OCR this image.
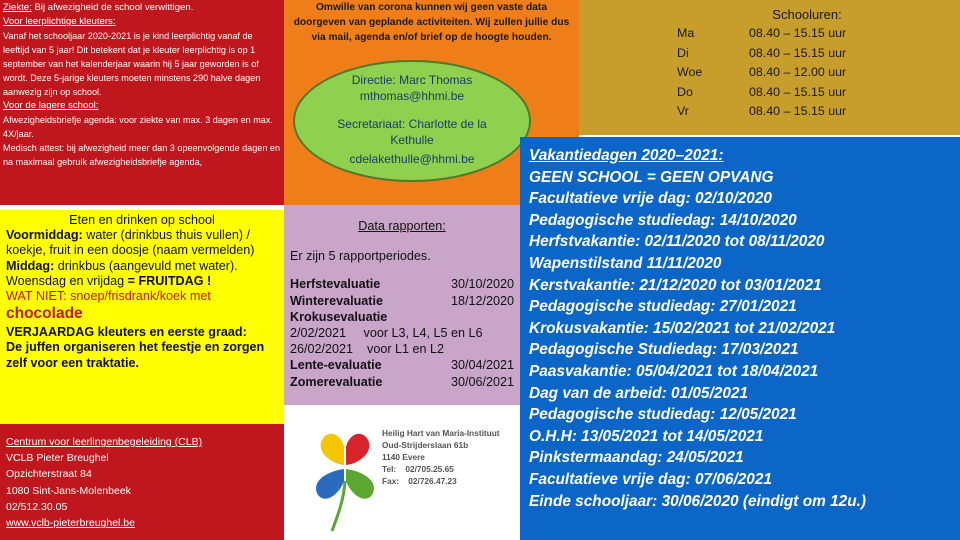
Ziekte: Bij afwezigheid de school verwittigen.

Voor leerplichtige kleuters:

Vanaf het schooljaar 2020-2021 is je kind leerplichtig vanaf de leeftijd van 5 jaar! Dit betekent dat je kleuter leerplichtig is op 1 september van het kalenderjaar waarin hij 5 jaar geworden is of wordt. Deze 5-jarige kleuters moeten minstens 290 halve dagen aanwezig zijn op school.

Voor de lagere school:

Afwezigheidsbriefje agenda: voor ziekte van max. 3 dagen en max. 4X/jaar.

Medisch attest: bij afwezigheid meer dan 3 opeenvolgende dagen en na maximaal gebruik afwezigheidsbriefje agenda,

Omwille van corona kunnen wij geen vaste data doorgeven van geplande activiteiten. Wij zullen jullie dus via mail, agenda en/of brief op de hoogte houden.
Directie: Marc Thomas
mthomas@hhmi.be
Secretariaat: Charlotte de la
Kethulle
cdelakethulle@hhmi.be
Schooluren:
Ma	08.40 – 15.15 uur
Di	08.40 – 15.15 uur
Woe	08.40 – 12.00 uur
Do	08.40 – 15.15 uur
Vr	08.40 – 15.15 uur
Vakantiedagen 2020–2021:
GEEN SCHOOL = GEEN OPVANG
Facultatieve vrije dag: 02/10/2020
Pedagogische studiedag: 14/10/2020
Herfstvakantie: 02/11/2020 tot 08/11/2020
Wapenstilstand 11/11/2020
Kerstvakantie: 21/12/2020 tot 03/01/2021
Pedagogische studiedag: 27/01/2021
Krokusvakantie: 15/02/2021 tot 21/02/2021
Pedagogische Studiedag: 17/03/2021
Paasvakantie: 05/04/2021 tot 18/04/2021
Dag van de arbeid: 01/05/2021
Pedagogische studiedag: 12/05/2021
O.H.H: 13/05/2021 tot 14/05/2021
Pinkstermaandag: 24/05/2021
Facultatieve vrije dag: 07/06/2021
Einde schooljaar: 30/06/2020 (eindigt om 12u.)
Eten en drinken op school
Voormiddag: water (drinkbus thuis vullen) / koekje, fruit in een doosje (naam vermelden)
Middag: drinkbus (aangevuld met water).
Woensdag en vrijdag = FRUITDAG !
WAT NIET: snoep/frisdrank/koek met
chocolade
VERJAARDAG kleuters en eerste graad:
De juffen organiseren het feestje en zorgen zelf voor een traktatie.
Data rapporten:
Er zijn 5 rapportperiodes.
Herfstevaluatie	30/10/2020
Winterevaluatie	18/12/2020
Krokusevaluatie
2/02/2021     voor L3, L4, L5 en L6
26/02/2021    voor L1 en L2
Lente-evaluatie	30/04/2021
Zomerevaluatie	30/06/2021
Centrum voor leerlingenbegeleiding (CLB)
VCLB Pieter Breughel
Opzichterstraat 84
1080 Sint-Jans-Molenbeek
02/512.30.05
www.vclb-pieterbreughel.be
Heilig Hart van Maria-Instituut
Oud-Strijderslaan 61b
1140 Evere
Tel:    02/705.25.65
Fax:    02/726.47.23
